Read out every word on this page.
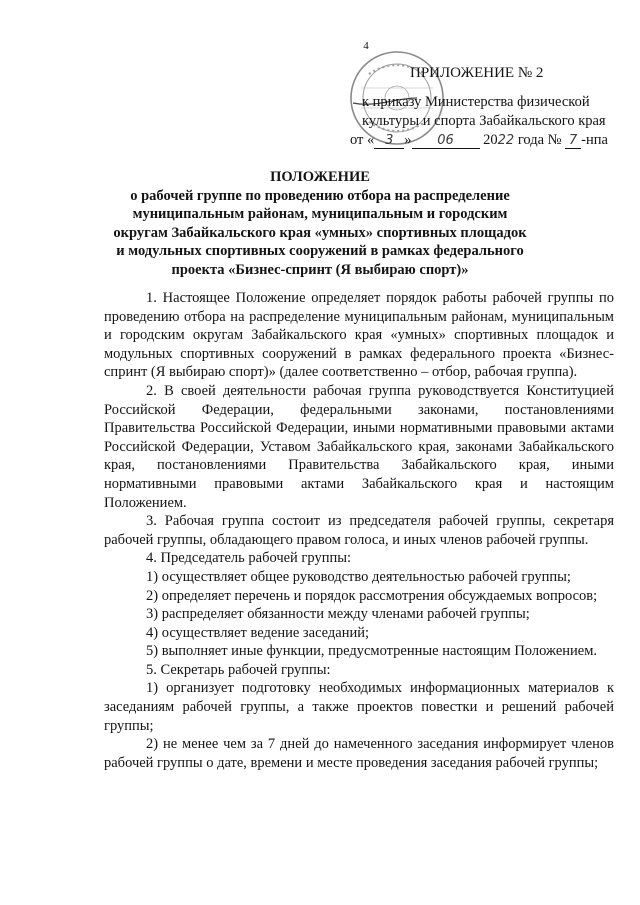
4
ПРИЛОЖЕНИЕ № 2
к приказу Министерства физической
культуры и спорта Забайкальского края
от « 3 » 06 2022 года № 7 -нпа
ПОЛОЖЕНИЕ
о рабочей группе по проведению отбора на распределение муниципальным районам, муниципальным и городским округам Забайкальского края «умных» спортивных площадок и модульных спортивных сооружений в рамках федерального проекта «Бизнес-спринт (Я выбираю спорт)»

1. Настоящее Положение определяет порядок работы рабочей группы по проведению отбора на распределение муниципальным районам, муниципальным и городским округам Забайкальского края «умных» спортивных площадок и модульных спортивных сооружений в рамках федерального проекта «Бизнес-спринт (Я выбираю спорт)» (далее соответственно – отбор, рабочая группа).

2. В своей деятельности рабочая группа руководствуется Конституцией Российской Федерации, федеральными законами, постановлениями Правительства Российской Федерации, иными нормативными правовыми актами Российской Федерации, Уставом Забайкальского края, законами Забайкальского края, постановлениями Правительства Забайкальского края, иными нормативными правовыми актами Забайкальского края и настоящим Положением.

3. Рабочая группа состоит из председателя рабочей группы, секретаря рабочей группы, обладающего правом голоса, и иных членов рабочей группы.

4. Председатель рабочей группы:

1) осуществляет общее руководство деятельностью рабочей группы;

2) определяет перечень и порядок рассмотрения обсуждаемых вопросов;

3) распределяет обязанности между членами рабочей группы;

4) осуществляет ведение заседаний;

5) выполняет иные функции, предусмотренные настоящим Положением.

5. Секретарь рабочей группы:

1) организует подготовку необходимых информационных материалов к заседаниям рабочей группы, а также проектов повестки и решений рабочей группы;

2) не менее чем за 7 дней до намеченного заседания информирует членов рабочей группы о дате, времени и месте проведения заседания рабочей группы;
